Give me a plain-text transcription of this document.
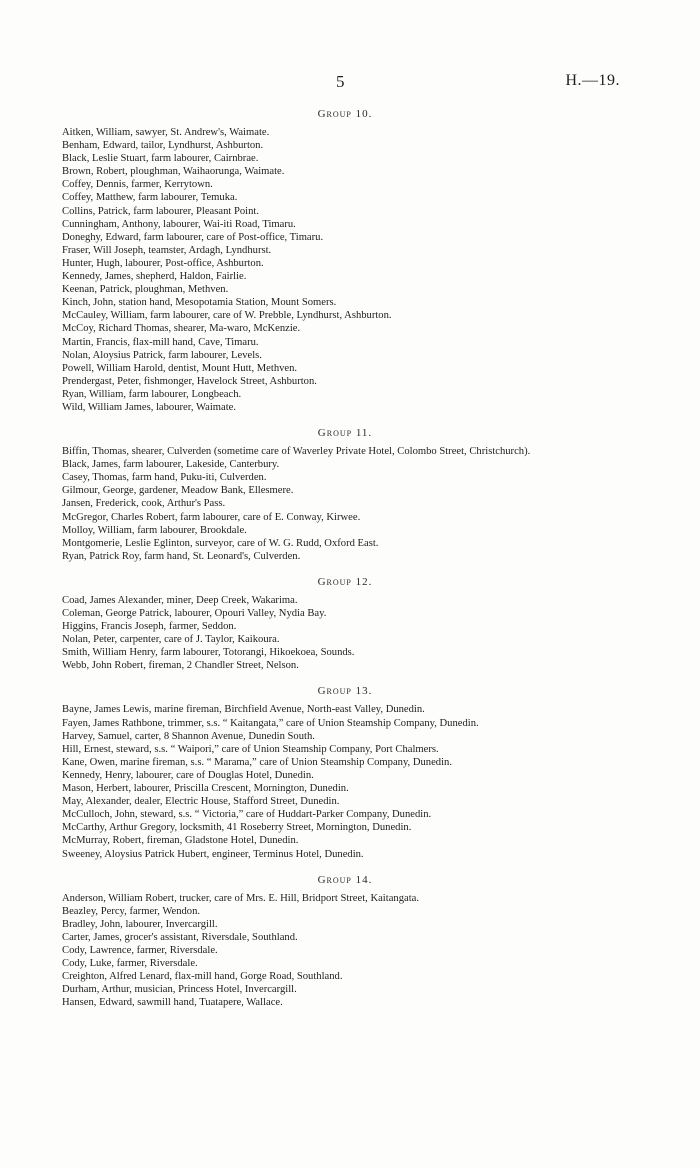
5	H.—19.
Group 10.
Aitken, William, sawyer, St. Andrew's, Waimate.
Benham, Edward, tailor, Lyndhurst, Ashburton.
Black, Leslie Stuart, farm labourer, Cairnbrae.
Brown, Robert, ploughman, Waihaorunga, Waimate.
Coffey, Dennis, farmer, Kerrytown.
Coffey, Matthew, farm labourer, Temuka.
Collins, Patrick, farm labourer, Pleasant Point.
Cunningham, Anthony, labourer, Wai-iti Road, Timaru.
Doneghy, Edward, farm labourer, care of Post-office, Timaru.
Fraser, Will Joseph, teamster, Ardagh, Lyndhurst.
Hunter, Hugh, labourer, Post-office, Ashburton.
Kennedy, James, shepherd, Haldon, Fairlie.
Keenan, Patrick, ploughman, Methven.
Kinch, John, station hand, Mesopotamia Station, Mount Somers.
McCauley, William, farm labourer, care of W. Prebble, Lyndhurst, Ashburton.
McCoy, Richard Thomas, shearer, Ma-waro, McKenzie.
Martin, Francis, flax-mill hand, Cave, Timaru.
Nolan, Aloysius Patrick, farm labourer, Levels.
Powell, William Harold, dentist, Mount Hutt, Methven.
Prendergast, Peter, fishmonger, Havelock Street, Ashburton.
Ryan, William, farm labourer, Longbeach.
Wild, William James, labourer, Waimate.
Group 11.
Biffin, Thomas, shearer, Culverden (sometime care of Waverley Private Hotel, Colombo Street, Christchurch).
Black, James, farm labourer, Lakeside, Canterbury.
Casey, Thomas, farm hand, Puku-iti, Culverden.
Gilmour, George, gardener, Meadow Bank, Ellesmere.
Jansen, Frederick, cook, Arthur's Pass.
McGregor, Charles Robert, farm labourer, care of E. Conway, Kirwee.
Molloy, William, farm labourer, Brookdale.
Montgomerie, Leslie Eglinton, surveyor, care of W. G. Rudd, Oxford East.
Ryan, Patrick Roy, farm hand, St. Leonard's, Culverden.
Group 12.
Coad, James Alexander, miner, Deep Creek, Wakarima.
Coleman, George Patrick, labourer, Opouri Valley, Nydia Bay.
Higgins, Francis Joseph, farmer, Seddon.
Nolan, Peter, carpenter, care of J. Taylor, Kaikoura.
Smith, William Henry, farm labourer, Totorangi, Hikoekoea, Sounds.
Webb, John Robert, fireman, 2 Chandler Street, Nelson.
Group 13.
Bayne, James Lewis, marine fireman, Birchfield Avenue, North-east Valley, Dunedin.
Fayen, James Rathbone, trimmer, s.s. “ Kaitangata,” care of Union Steamship Company, Dunedin.
Harvey, Samuel, carter, 8 Shannon Avenue, Dunedin South.
Hill, Ernest, steward, s.s. “ Waipori,” care of Union Steamship Company, Port Chalmers.
Kane, Owen, marine fireman, s.s. “ Marama,” care of Union Steamship Company, Dunedin.
Kennedy, Henry, labourer, care of Douglas Hotel, Dunedin.
Mason, Herbert, labourer, Priscilla Crescent, Mornington, Dunedin.
May, Alexander, dealer, Electric House, Stafford Street, Dunedin.
McCulloch, John, steward, s.s. “ Victoria,” care of Huddart-Parker Company, Dunedin.
McCarthy, Arthur Gregory, locksmith, 41 Roseberry Street, Mornington, Dunedin.
McMurray, Robert, fireman, Gladstone Hotel, Dunedin.
Sweeney, Aloysius Patrick Hubert, engineer, Terminus Hotel, Dunedin.
Group 14.
Anderson, William Robert, trucker, care of Mrs. E. Hill, Bridport Street, Kaitangata.
Beazley, Percy, farmer, Wendon.
Bradley, John, labourer, Invercargill.
Carter, James, grocer's assistant, Riversdale, Southland.
Cody, Lawrence, farmer, Riversdale.
Cody, Luke, farmer, Riversdale.
Creighton, Alfred Lenard, flax-mill hand, Gorge Road, Southland.
Durham, Arthur, musician, Princess Hotel, Invercargill.
Hansen, Edward, sawmill hand, Tuatapere, Wallace.
